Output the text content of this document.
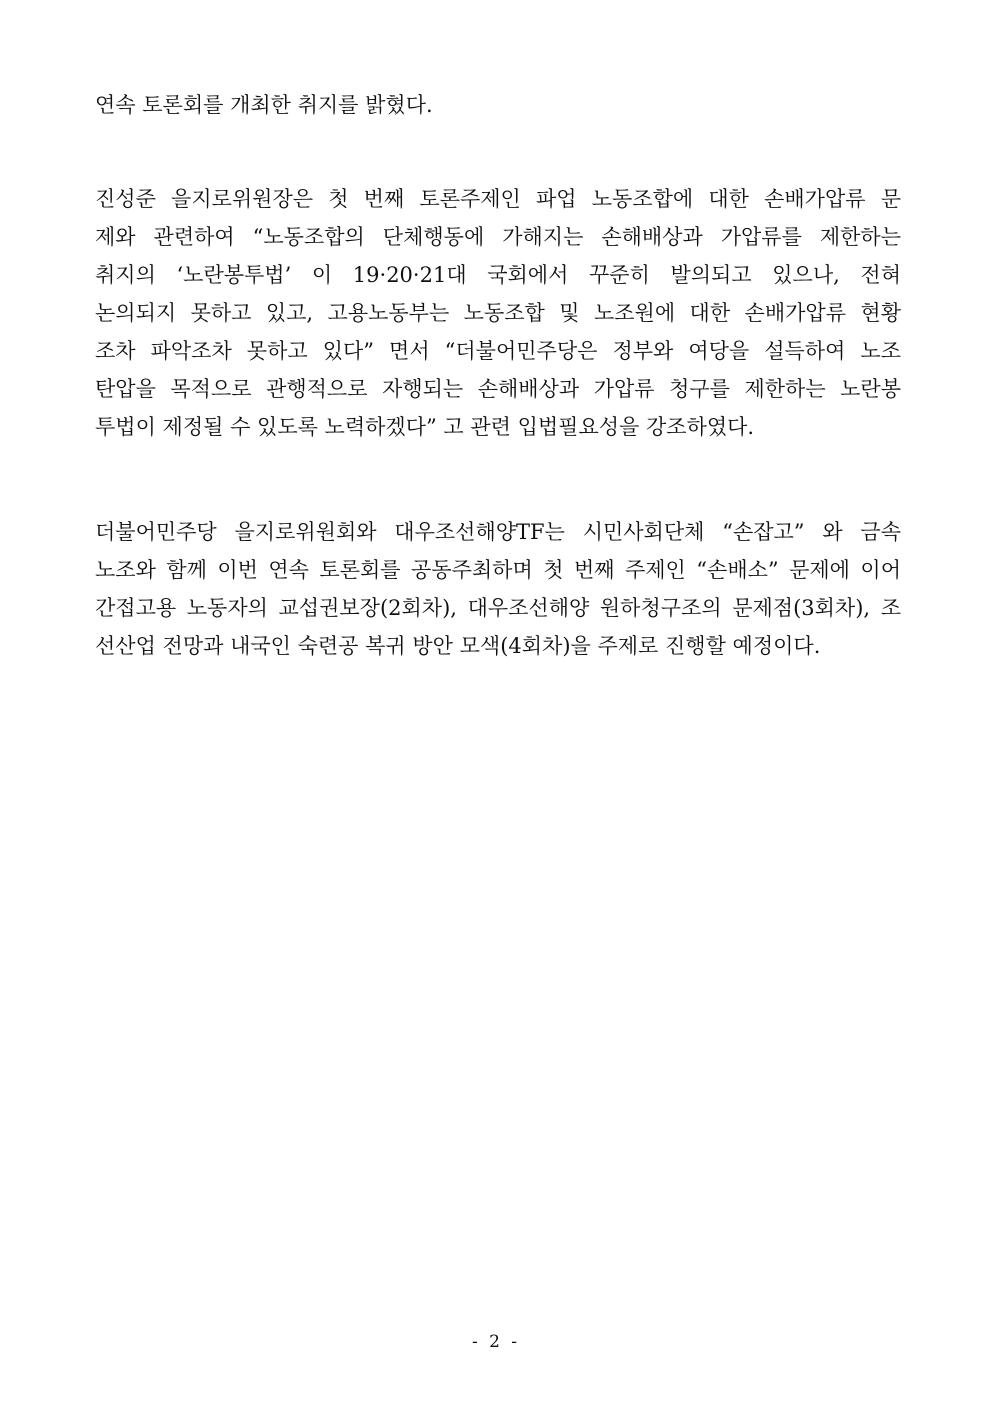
연속 토론회를 개최한 취지를 밝혔다.
진성준 을지로위원장은 첫 번째 토론주제인 파업 노동조합에 대한 손배가압류 문
제와 관련하여 “노동조합의 단체행동에 가해지는 손해배상과 가압류를 제한하는
취지의 ‘노란봉투법’ 이 19·20·21대 국회에서 꾸준히 발의되고 있으나, 전혀
논의되지 못하고 있고, 고용노동부는 노동조합 및 노조원에 대한 손배가압류 현황
조차 파악조차 못하고 있다” 면서 “더불어민주당은 정부와 여당을 설득하여 노조
탄압을 목적으로 관행적으로 자행되는 손해배상과 가압류 청구를 제한하는 노란봉
투법이 제정될 수 있도록 노력하겠다” 고 관련 입법필요성을 강조하였다.
더불어민주당 을지로위원회와 대우조선해양TF는 시민사회단체 “손잡고” 와 금속
노조와 함께 이번 연속 토론회를 공동주최하며 첫 번째 주제인 “손배소” 문제에 이어
간접고용 노동자의 교섭권보장(2회차), 대우조선해양 원하청구조의 문제점(3회차), 조
선산업 전망과 내국인 숙련공 복귀 방안 모색(4회차)을 주제로 진행할 예정이다.
- 2 -
